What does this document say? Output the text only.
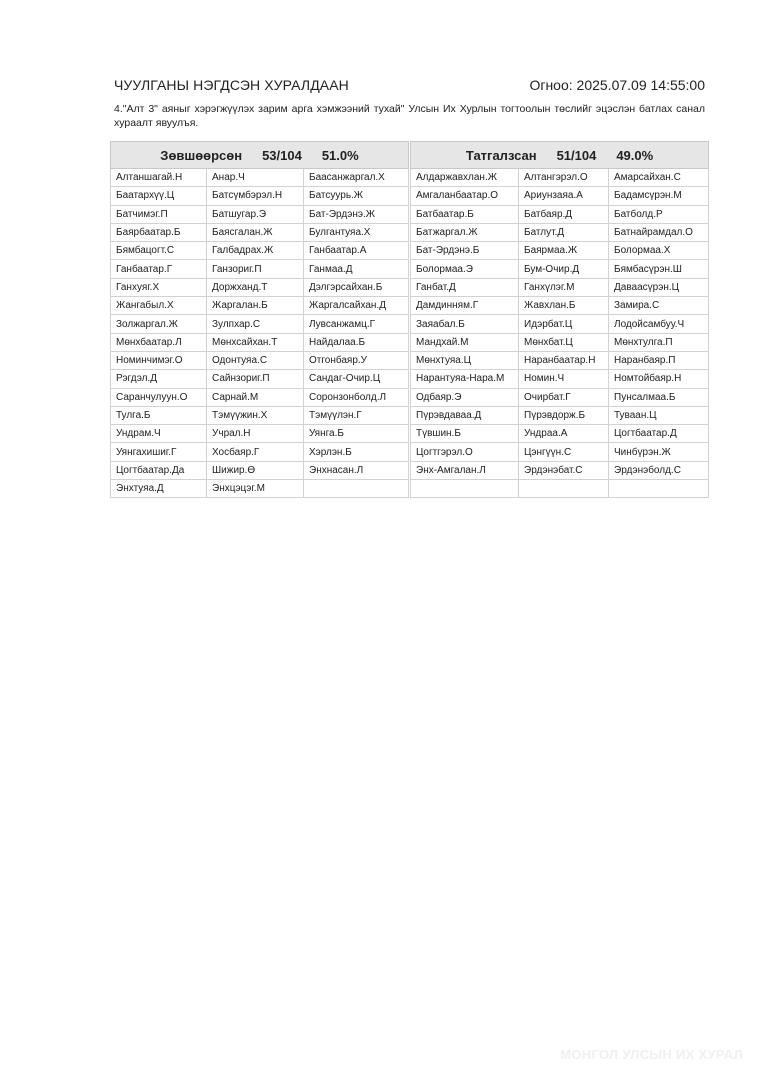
ЧУУЛГАНЫ НЭГДСЭН ХУРАЛДААН	Огноо: 2025.07.09 14:55:00
4."Алт 3" аяныг хэрэгжүүлэх зарим арга хэмжээний тухай" Улсын Их Хурлын тогтоолын төслийг эцэслэн батлах санал хураалт явуулъя.
Зөвшөөрсөн 53/104 51.0%		
Алтаншагай.Н	Анар.Ч	Баасанжаргал.Х
Баатархүү.Ц	Батсүмбэрэл.Н	Батсуурь.Ж
Батчимэг.П	Батшугар.Э	Бат-Эрдэнэ.Ж
Баярбаатар.Б	Баясгалан.Ж	Булгантуяа.Х
Бямбацогт.С	Галбадрах.Ж	Ганбаатар.А
Ганбаатар.Г	Ганзориг.П	Ганмаа.Д
Ганхуяг.Х	Доржханд.Т	Дэлгэрсайхан.Б
Жангабыл.Х	Жаргалан.Б	Жаргалсайхан.Д
Золжаргал.Ж	Зулпхар.С	Лувсанжамц.Г
Мөнхбаатар.Л	Мөнхсайхан.Т	Найдалаа.Б
Номинчимэг.О	Одонтуяа.С	Отгонбаяр.У
Рэгдэл.Д	Сайнзориг.П	Сандаг-Очир.Ц
Саранчулуун.О	Сарнай.М	Соронзонболд.Л
Тулга.Б	Тэмүүжин.Х	Тэмүүлэн.Г
Ундрам.Ч	Учрал.Н	Уянга.Б
Уянгахишиг.Г	Хосбаяр.Г	Хэрлэн.Б
Цогтбаатар.Да	Шижир.Ө	Энхнасан.Л
Энхтуяа.Д	Энхцэцэг.М	
Татгалзсан 51/104 49.0%		
Алдаржавхлан.Ж	Алтангэрэл.О	Амарсайхан.С
Амгаланбаатар.О	Ариунзаяа.А	Бадамсүрэн.М
Батбаатар.Б	Батбаяр.Д	Батболд.Р
Батжаргал.Ж	Батлут.Д	Батнайрамдал.О
Бат-Эрдэнэ.Б	Баярмаа.Ж	Болормаа.Х
Болормаа.Э	Бум-Очир.Д	Бямбасүрэн.Ш
Ганбат.Д	Ганхүлэг.М	Даваасүрэн.Ц
Дамдинням.Г	Жавхлан.Б	Замира.С
Заяабал.Б	Идэрбат.Ц	Лодойсамбуу.Ч
Мандхай.М	Мөнхбат.Ц	Мөнхтулга.П
Мөнхтуяа.Ц	Наранбаатар.Н	Наранбаяр.П
Нарантуяа-Нара.М	Номин.Ч	Номтойбаяр.Н
Одбаяр.Э	Очирбат.Г	Пунсалмаа.Б
Пүрэвдаваа.Д	Пүрэвдорж.Б	Туваан.Ц
Түвшин.Б	Ундраа.А	Цогтбаатар.Д
Цогтгэрэл.О	Цэнгүүн.С	Чинбүрэн.Ж
Энх-Амгалан.Л	Эрдэнэбат.С	Эрдэнэболд.С

МОНГОЛ УЛСЫН ИХ ХУРАЛ
